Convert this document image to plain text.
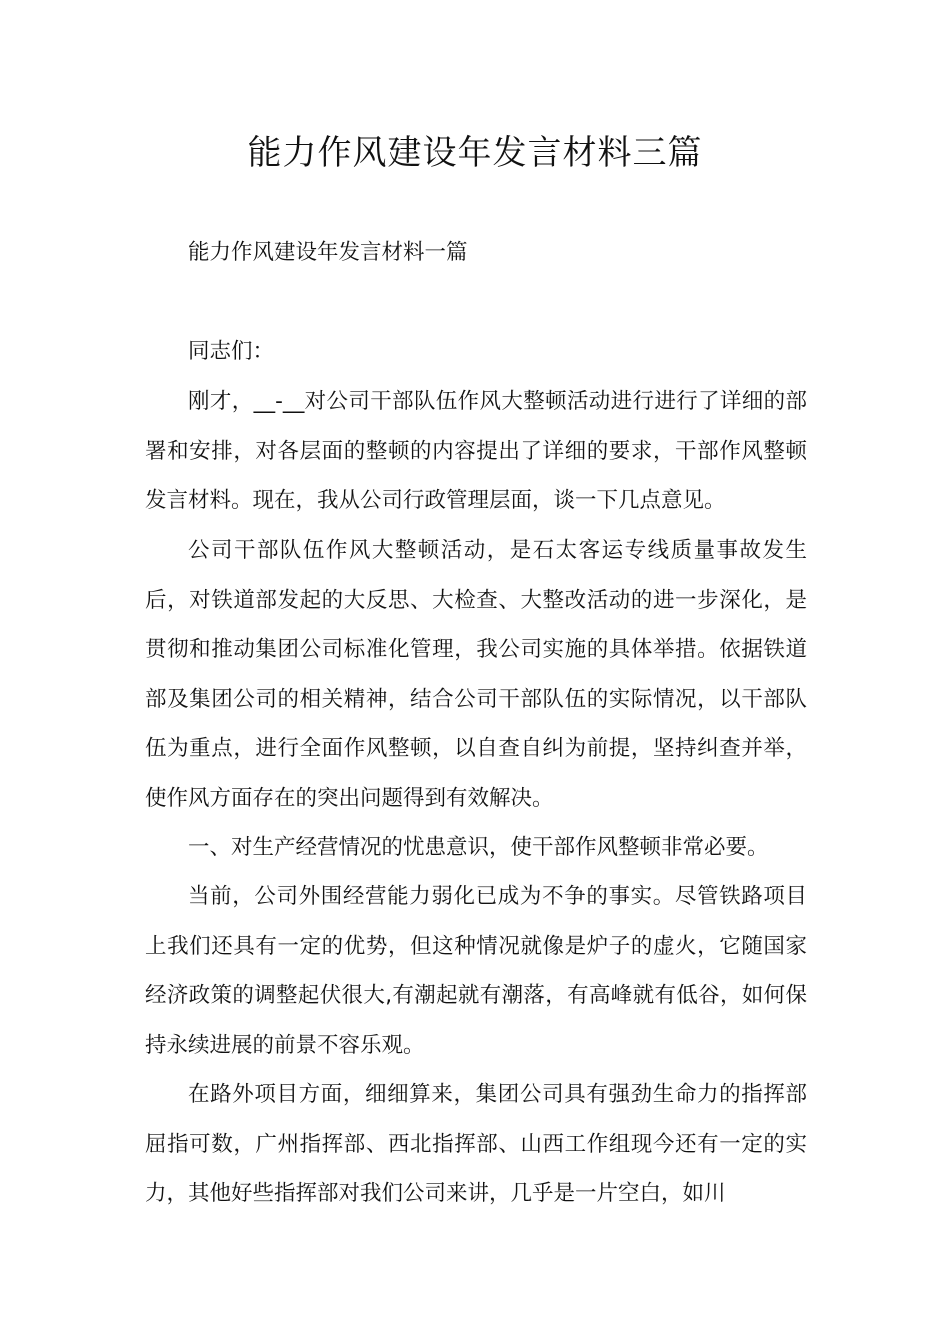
能力作风建设年发言材料三篇

能力作风建设年发言材料一篇

同志们：

刚才，__-__对公司干部队伍作风大整顿活动进行进行了详细的部署和安排，对各层面的整顿的内容提出了详细的要求，干部作风整顿发言材料。现在，我从公司行政管理层面，谈一下几点意见。

公司干部队伍作风大整顿活动，是石太客运专线质量事故发生后，对铁道部发起的大反思、大检查、大整改活动的进一步深化，是贯彻和推动集团公司标准化管理，我公司实施的具体举措。依据铁道部及集团公司的相关精神，结合公司干部队伍的实际情况，以干部队伍为重点，进行全面作风整顿，以自查自纠为前提，坚持纠查并举，使作风方面存在的突出问题得到有效解决。

一、对生产经营情况的忧患意识，使干部作风整顿非常必要。

当前，公司外围经营能力弱化已成为不争的事实。尽管铁路项目上我们还具有一定的优势，但这种情况就像是炉子的虚火，它随国家经济政策的调整起伏很大,有潮起就有潮落，有高峰就有低谷，如何保持永续进展的前景不容乐观。

在路外项目方面，细细算来，集团公司具有强劲生命力的指挥部屈指可数，广州指挥部、西北指挥部、山西工作组现今还有一定的实力，其他好些指挥部对我们公司来讲，几乎是一片空白，如川
